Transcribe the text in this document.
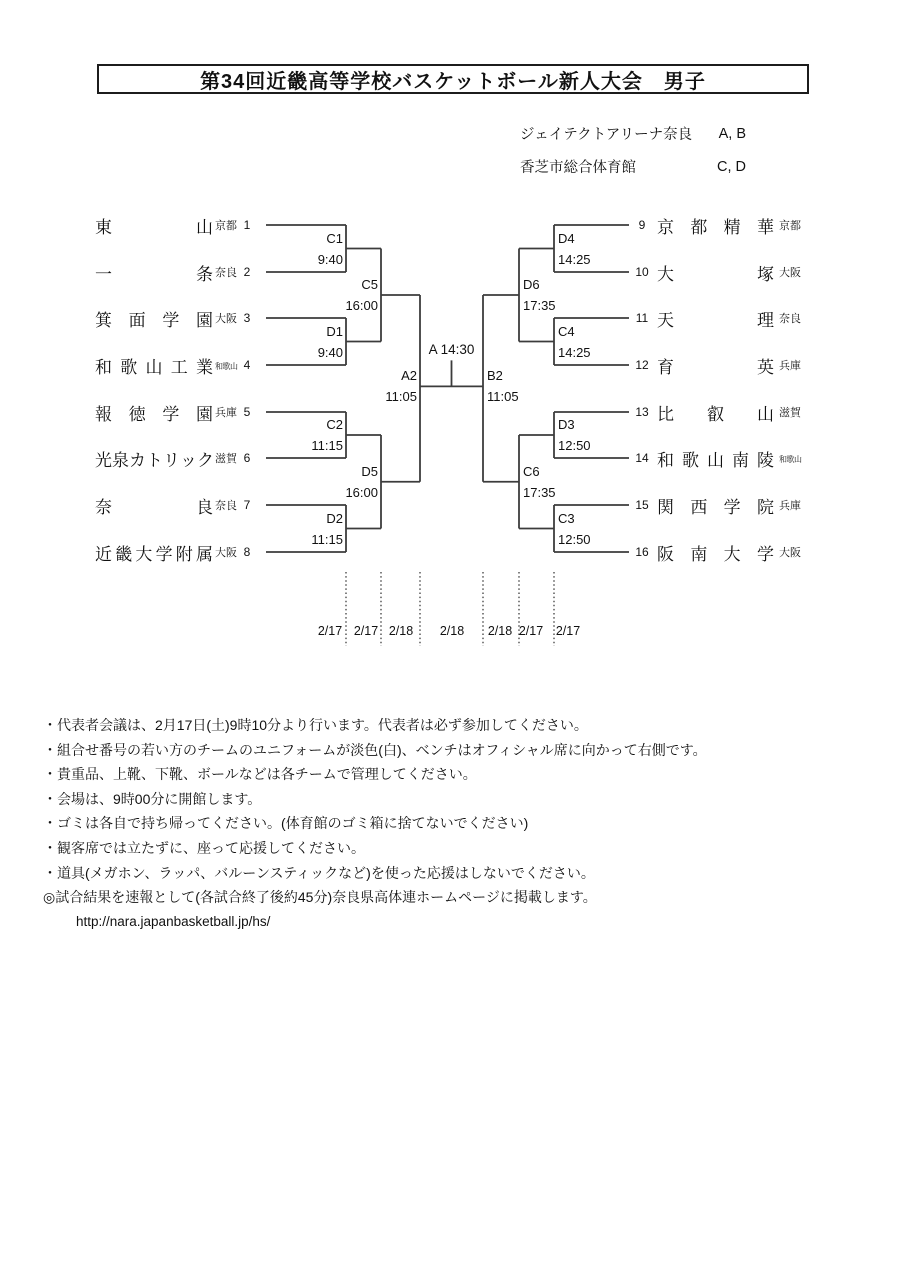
第34回近畿高等学校バスケットボール新人大会　男子
ジェイテクトアリーナ奈良 A, B
香芝市総合体育館	C, D
1
東	山 京都
2
一	条 奈良
3
箕 面 学 園 大阪
4
和 歌 山 工 業 和歌山
5
報 徳 学 園 兵庫
6
光 泉 カ ト リ ッ ク 滋賀
7
奈	良 奈良
8
近 畿 大 学 附 属 大阪
9 京 都 精 華 京都
10 大	塚 大阪
11 天	理 奈良
12 育	英 兵庫
13 比 叡 山 滋賀
14 和 歌 山 南 陵 和歌山
15 関 西 学 院 兵庫
16 阪 南 大 学 大阪
C1
9:40
D1
9:40
C2
11:15
D2
11:15
C5
16:00
D5
16:00
A2
11:05
D4
14:25
C4
14:25
D3
12:50
C3
12:50
D6
17:35
C6
17:35
B2
11:05
A 14:30
2/17 2/17 2/18	2/18	2/18 2/17	2/17
・代表者会議は、2月17日(土)9時10分より行います。代表者は必ず参加してください。
・組合せ番号の若い方のチームのユニフォームが淡色(白)、ベンチはオフィシャル席に向かって右側です。
・貴重品、上靴、下靴、ボールなどは各チームで管理してください。
・会場は、9時00分に開館します。
・ゴミは各自で持ち帰ってください。(体育館のゴミ箱に捨てないでください)
・観客席では立たずに、座って応援してください。
・道具(メガホン、ラッパ、バルーンスティックなど)を使った応援はしないでください。
◎試合結果を速報として(各試合終了後約45分)奈良県高体連ホームページに掲載します。
http://nara.japanbasketball.jp/hs/
